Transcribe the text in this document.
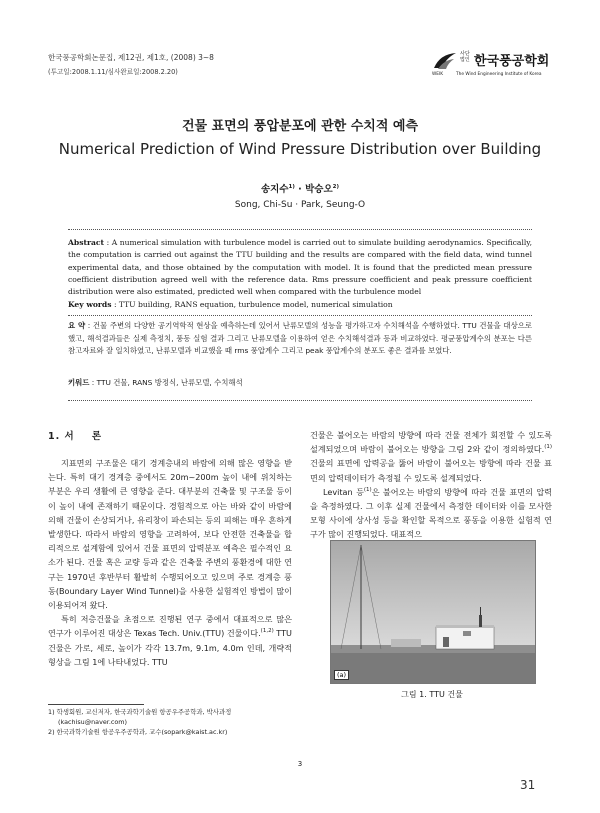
한국풍공학회논문집, 제12권, 제1호, (2008) 3~8
(투고일:2008.1.11/심사완료일:2008.2.20)
사단
법인 한국풍공학회
WEIK	The Wind Engineering Institute of Korea
건물 표면의 풍압분포에 관한 수치적 예측
Numerical Prediction of Wind Pressure Distribution over Building
송지수$^{1)}$ · 박승오$^{2)}$
Song, Chi-Su · Park, Seung-O
Abstract : A numerical simulation with turbulence model is carried out to simulate building aerodynamics. Specifically, the computation is carried out against the TTU building and the results are compared with the field data, wind tunnel experimental data, and those obtained by the computation with model. It is found that the predicted mean pressure coefficient distribution agreed well with the reference data. Rms pressure coefficient and peak pressure coefficient distribution were also estimated, predicted well when compared with the turbulence model
Key words : TTU building, RANS equation, turbulence model, numerical simulation
요 약 : 건물 주변의 다양한 공기역학적 현상을 예측하는데 있어서 난류모델의 성능을 평가하고자 수치해석을 수행하였다. TTU 건물을 대상으로 했고, 해석결과들은 실제 측정치, 풍동 실험 결과 그리고 난류모델을 이용하여 얻은 수치해석결과 등과 비교하였다. 평균풍압계수의 분포는 다른 참고자료와 잘 일치하였고, 난류모델과 비교했을 때 rms 풍압계수 그리고 peak 풍압계수의 분포도 좋은 결과를 보였다.
키워드 : TTU 건물, RANS 방정식, 난류모델, 수치해석
1. 서    론

지표면의 구조물은 대기 경계층내의 바람에 의해 많은 영향을 받는다. 특히 대기 경계층 중에서도 20m~200m 높이 내에 위치하는 부분은 우리 생활에 큰 영향을 준다. 대부분의 건축물 및 구조물 등이 이 높이 내에 존재하기 때문이다. 경험적으로 아는 바와 같이 바람에 의해 건물이 손상되거나, 유리창이 파손되는 등의 피해는 매우 흔하게 발생한다. 따라서 바람의 영향을 고려하여, 보다 안전한 건축물을 합리적으로 설계함에 있어서 건물 표면의 압력분포 예측은 필수적인 요소가 된다. 건물 혹은 교량 등과 같은 건축물 주변의 풍환경에 대한 연구는 1970년 후반부터 활발히 수행되어오고 있으며 주로 경계층 풍동(Boundary Layer Wind Tunnel)을 사용한 실험적인 방법이 많이 이용되어져 왔다.

특히 저층건물을 초점으로 진행된 연구 중에서 대표적으로 많은 연구가 이루어진 대상은 Texas Tech. Univ.(TTU) 건물이다.$^{(1,2)}$ TTU 건물은 가로, 세로, 높이가 각각 13.7m, 9.1m, 4.0m 인데, 개략적 형상을 그림 1에 나타내었다. TTU

1) 학생회원, 교신저자, 한국과학기술원 항공우주공학과, 박사과정
(kachisu@naver.com)
2) 한국과학기술원 항공우주공학과, 교수(sopark@kaist.ac.kr)

건물은 불어오는 바람의 방향에 따라 건물 전체가 회전할 수 있도록 설계되었으며 바람이 불어오는 방향을 그림 2와 같이 정의하였다.$^{(1)}$ 건물의 표면에 압력공을 뚫어 바람이 불어오는 방향에 따라 건물 표면의 압력데이터가 측정될 수 있도록 설계되었다.

Levitan 등$^{(1)}$은 불어오는 바람의 방향에 따라 건물 표면의 압력을 측정하였다. 그 이후 실제 건물에서 측정한 데이터와 이를 모사한 모형 사이에 상사성 등을 확인할 목적으로 풍동을 이용한 실험적 연구가 많이 진행되었다. 대표적으

(a)
그림 1. TTU 건물
3
31
